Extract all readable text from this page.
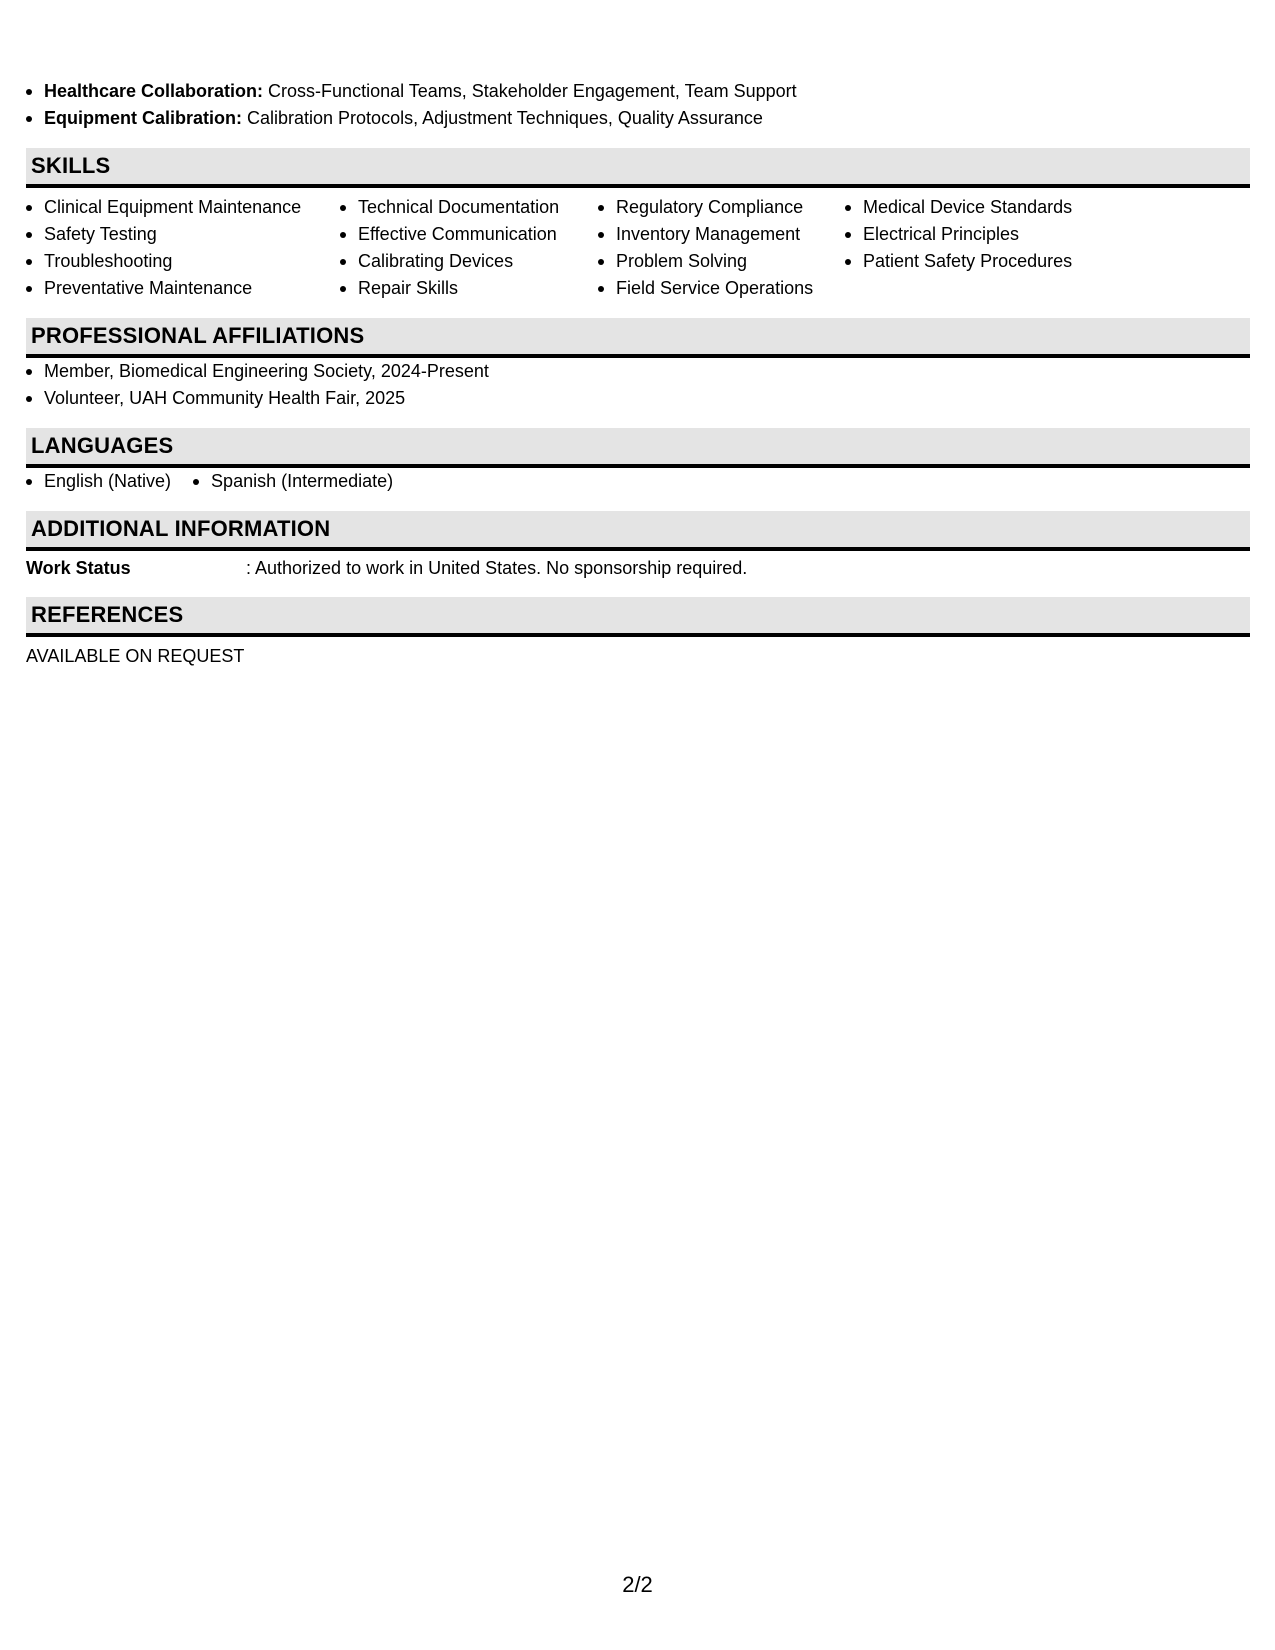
Healthcare Collaboration: Cross-Functional Teams, Stakeholder Engagement, Team Support
Equipment Calibration: Calibration Protocols, Adjustment Techniques, Quality Assurance
SKILLS
Clinical Equipment Maintenance
Safety Testing
Troubleshooting
Preventative Maintenance
Technical Documentation
Effective Communication
Calibrating Devices
Repair Skills
Regulatory Compliance
Inventory Management
Problem Solving
Field Service Operations
Medical Device Standards
Electrical Principles
Patient Safety Procedures
PROFESSIONAL AFFILIATIONS
Member, Biomedical Engineering Society, 2024-Present
Volunteer, UAH Community Health Fair, 2025
LANGUAGES
English (Native)	Spanish (Intermediate)
ADDITIONAL INFORMATION
Work Status	: Authorized to work in United States. No sponsorship required.
REFERENCES
AVAILABLE ON REQUEST
2/2
